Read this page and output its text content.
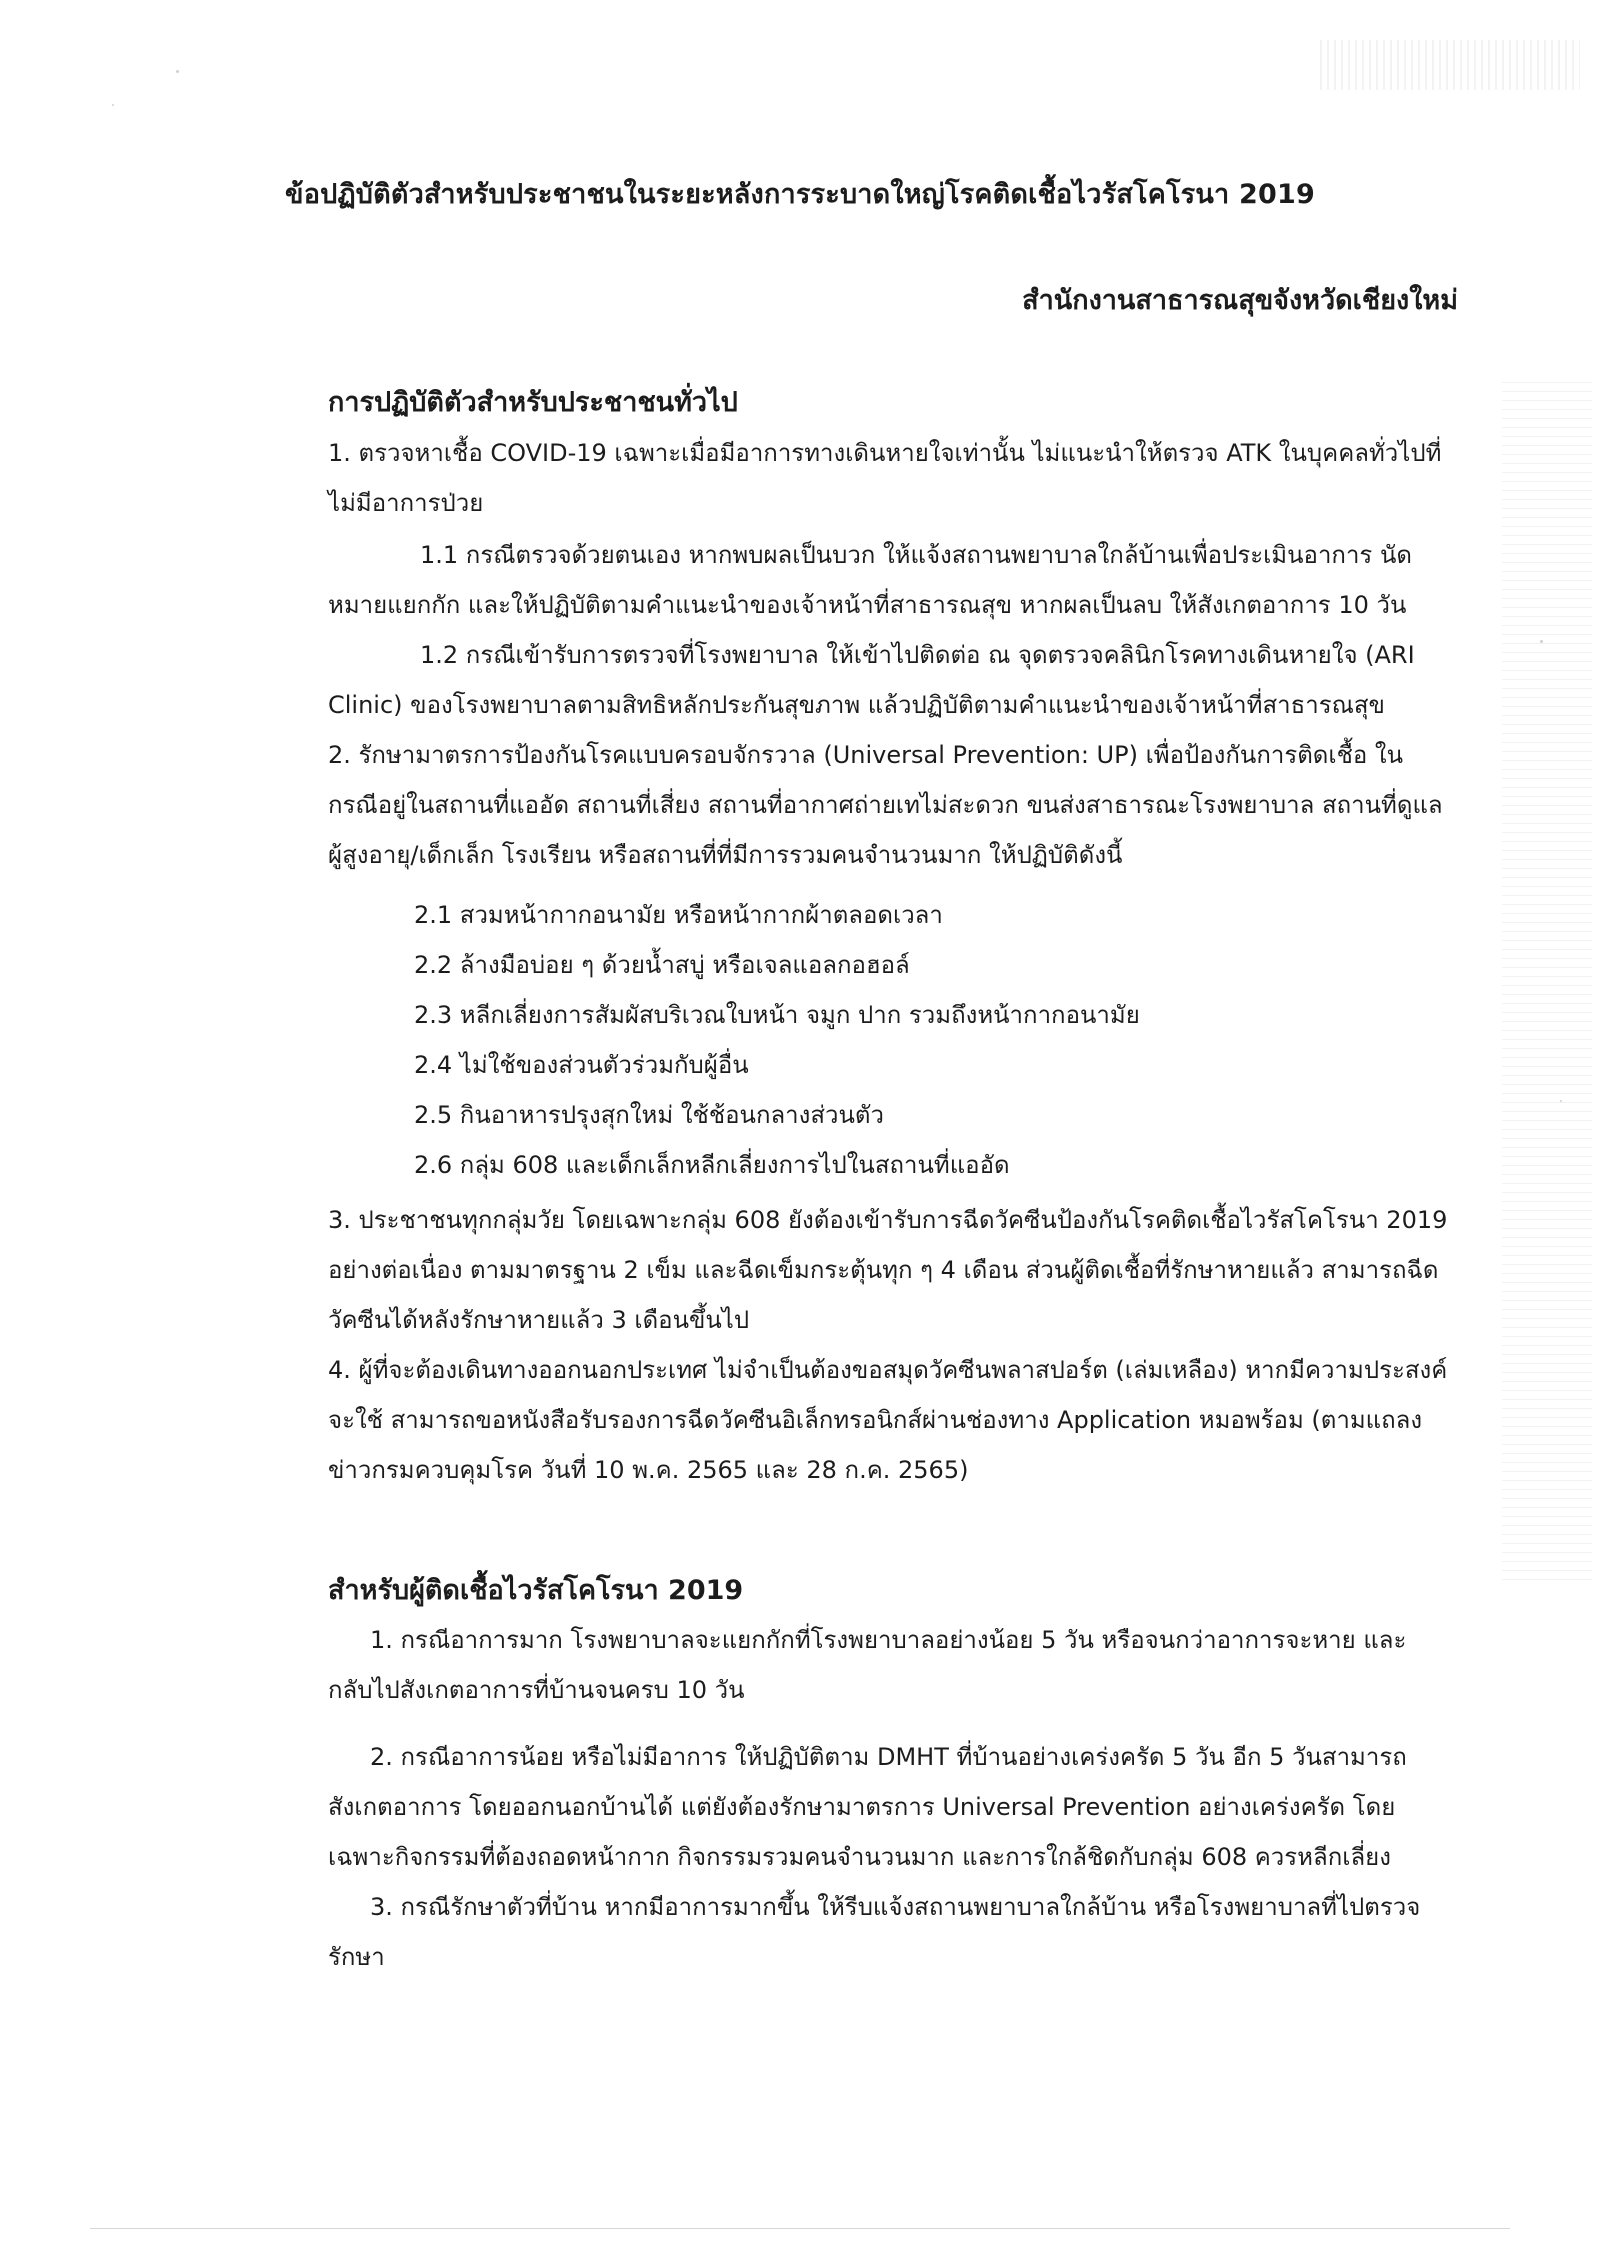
ข้อปฏิบัติตัวสำหรับประชาชนในระยะหลังการระบาดใหญ่โรคติดเชื้อไวรัสโคโรนา 2019
สำนักงานสาธารณสุขจังหวัดเชียงใหม่
การปฏิบัติตัวสำหรับประชาชนทั่วไป
1. ตรวจหาเชื้อ COVID-19 เฉพาะเมื่อมีอาการทางเดินหายใจเท่านั้น ไม่แนะนำให้ตรวจ ATK ในบุคคลทั่วไปที่ไม่มีอาการป่วย
1.1 กรณีตรวจด้วยตนเอง หากพบผลเป็นบวก ให้แจ้งสถานพยาบาลใกล้บ้านเพื่อประเมินอาการ นัดหมายแยกกัก และให้ปฏิบัติตามคำแนะนำของเจ้าหน้าที่สาธารณสุข หากผลเป็นลบ ให้สังเกตอาการ 10 วัน
1.2 กรณีเข้ารับการตรวจที่โรงพยาบาล ให้เข้าไปติดต่อ ณ จุดตรวจคลินิกโรคทางเดินหายใจ (ARI Clinic) ของโรงพยาบาลตามสิทธิหลักประกันสุขภาพ แล้วปฏิบัติตามคำแนะนำของเจ้าหน้าที่สาธารณสุข
2. รักษามาตรการป้องกันโรคแบบครอบจักรวาล (Universal Prevention: UP) เพื่อป้องกันการติดเชื้อ ในกรณีอยู่ในสถานที่แออัด สถานที่เสี่ยง สถานที่อากาศถ่ายเทไม่สะดวก ขนส่งสาธารณะโรงพยาบาล สถานที่ดูแลผู้สูงอายุ/เด็กเล็ก โรงเรียน หรือสถานที่ที่มีการรวมคนจำนวนมาก ให้ปฏิบัติดังนี้
2.1 สวมหน้ากากอนามัย หรือหน้ากากผ้าตลอดเวลา
2.2 ล้างมือบ่อย ๆ ด้วยน้ำสบู่ หรือเจลแอลกอฮอล์
2.3 หลีกเลี่ยงการสัมผัสบริเวณใบหน้า จมูก ปาก รวมถึงหน้ากากอนามัย
2.4 ไม่ใช้ของส่วนตัวร่วมกับผู้อื่น
2.5 กินอาหารปรุงสุกใหม่ ใช้ช้อนกลางส่วนตัว
2.6 กลุ่ม 608 และเด็กเล็กหลีกเลี่ยงการไปในสถานที่แออัด
3. ประชาชนทุกกลุ่มวัย โดยเฉพาะกลุ่ม 608 ยังต้องเข้ารับการฉีดวัคซีนป้องกันโรคติดเชื้อไวรัสโคโรนา 2019 อย่างต่อเนื่อง ตามมาตรฐาน 2 เข็ม และฉีดเข็มกระตุ้นทุก ๆ 4 เดือน ส่วนผู้ติดเชื้อที่รักษาหายแล้ว สามารถฉีดวัคซีนได้หลังรักษาหายแล้ว 3 เดือนขึ้นไป
4. ผู้ที่จะต้องเดินทางออกนอกประเทศ ไม่จำเป็นต้องขอสมุดวัคซีนพลาสปอร์ต (เล่มเหลือง) หากมีความประสงค์จะใช้ สามารถขอหนังสือรับรองการฉีดวัคซีนอิเล็กทรอนิกส์ผ่านช่องทาง Application หมอพร้อม (ตามแถลงข่าวกรมควบคุมโรค วันที่ 10 พ.ค. 2565 และ 28 ก.ค. 2565)
สำหรับผู้ติดเชื้อไวรัสโคโรนา 2019
1. กรณีอาการมาก โรงพยาบาลจะแยกกักที่โรงพยาบาลอย่างน้อย 5 วัน หรือจนกว่าอาการจะหาย และกลับไปสังเกตอาการที่บ้านจนครบ 10 วัน
2. กรณีอาการน้อย หรือไม่มีอาการ ให้ปฏิบัติตาม DMHT ที่บ้านอย่างเคร่งครัด 5 วัน อีก 5 วันสามารถสังเกตอาการ โดยออกนอกบ้านได้ แต่ยังต้องรักษามาตรการ Universal Prevention อย่างเคร่งครัด โดยเฉพาะกิจกรรมที่ต้องถอดหน้ากาก กิจกรรมรวมคนจำนวนมาก และการใกล้ชิดกับกลุ่ม 608 ควรหลีกเลี่ยง
3. กรณีรักษาตัวที่บ้าน หากมีอาการมากขึ้น ให้รีบแจ้งสถานพยาบาลใกล้บ้าน หรือโรงพยาบาลที่ไปตรวจรักษา
